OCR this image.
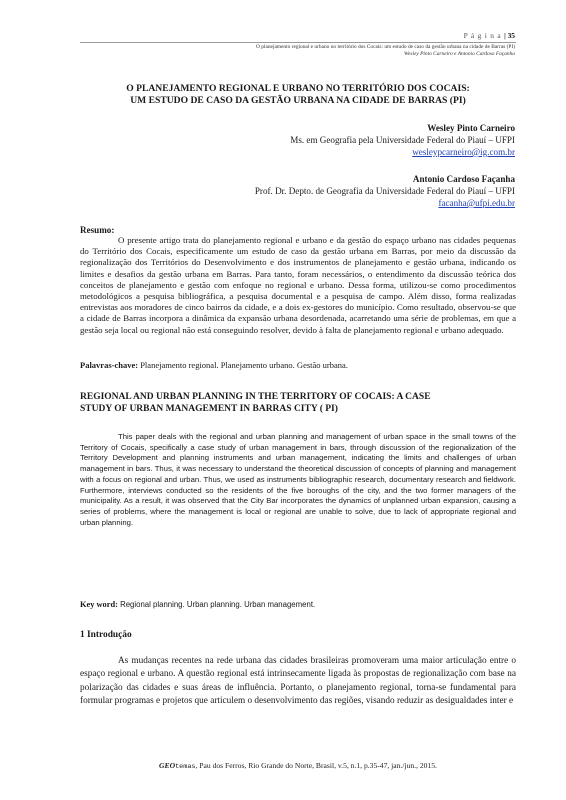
P á g i n a | 35
O planejamento regional e urbano no território dos Cocais: um estudo de caso da gestão urbana na cidade de Barras (PI)
Wesley Pinto Carneiro e Antonio Cardoso Façanha
O PLANEJAMENTO REGIONAL E URBANO NO TERRITÓRIO DOS COCAIS:
UM ESTUDO DE CASO DA GESTÃO URBANA NA CIDADE DE BARRAS (PI)
Wesley Pinto Carneiro
Ms. em Geografia pela Universidade Federal do Piauí – UFPI
wesleypcarneiro@ig.com.br
Antonio Cardoso Façanha
Prof. Dr. Depto. de Geografia da Universidade Federal do Piauí – UFPI
facanha@ufpi.edu.br
Resumo:

O presente artigo trata do planejamento regional e urbano e da gestão do espaço urbano nas cidades pequenas do Território dos Cocais, especificamente um estudo de caso da gestão urbana em Barras, por meio da discussão da regionalização dos Territórios do Desenvolvimento e dos instrumentos de planejamento e gestão urbana, indicando os limites e desafios da gestão urbana em Barras. Para tanto, foram necessários, o entendimento da discussão teórica dos conceitos de planejamento e gestão com enfoque no regional e urbano. Dessa forma, utilizou-se como procedimentos metodológicos a pesquisa bibliográfica, a pesquisa documental e a pesquisa de campo. Além disso, forma realizadas entrevistas aos moradores de cinco bairros da cidade, e a dois ex-gestores do município. Como resultado, observou-se que a cidade de Barras incorpora a dinâmica da expansão urbana desordenada, acarretando uma série de problemas, em que a gestão seja local ou regional não está conseguindo resolver, devido à falta de planejamento regional e urbano adequado.

Palavras-chave: Planejamento regional. Planejamento urbano. Gestão urbana.
REGIONAL AND URBAN PLANNING IN THE TERRITORY OF COCAIS: A CASE
STUDY OF URBAN MANAGEMENT IN BARRAS CITY ( PI)

This paper deals with the regional and urban planning and management of urban space in the small towns of the Territory of Cocais, specifically a case study of urban management in bars, through discussion of the regionalization of the Territory Development and planning instruments and urban management, indicating the limits and challenges of urban management in bars. Thus, it was necessary to understand the theoretical discussion of concepts of planning and management with a focus on regional and urban. Thus, we used as instruments bibliographic research, documentary research and fieldwork. Furthermore, interviews conducted so the residents of the five boroughs of the city, and the two former managers of the municipality. As a result, it was observed that the City Bar incorporates the dynamics of unplanned urban expansion, causing a series of problems, where the management is local or regional are unable to solve, due to lack of appropriate regional and urban planning.

Key word: Regional planning. Urban planning. Urban management.
1 Introdução

As mudanças recentes na rede urbana das cidades brasileiras promoveram uma maior articulação entre o espaço regional e urbano. A questão regional está intrinsecamente ligada às propostas de regionalização com base na polarização das cidades e suas áreas de influência. Portanto, o planejamento regional, torna-se fundamental para formular programas e projetos que articulem o desenvolvimento das regiões, visando reduzir as desigualdades inter e

GEOtemas, Pau dos Ferros, Rio Grande do Norte, Brasil, v.5, n.1, p.35-47, jan./jun., 2015.
